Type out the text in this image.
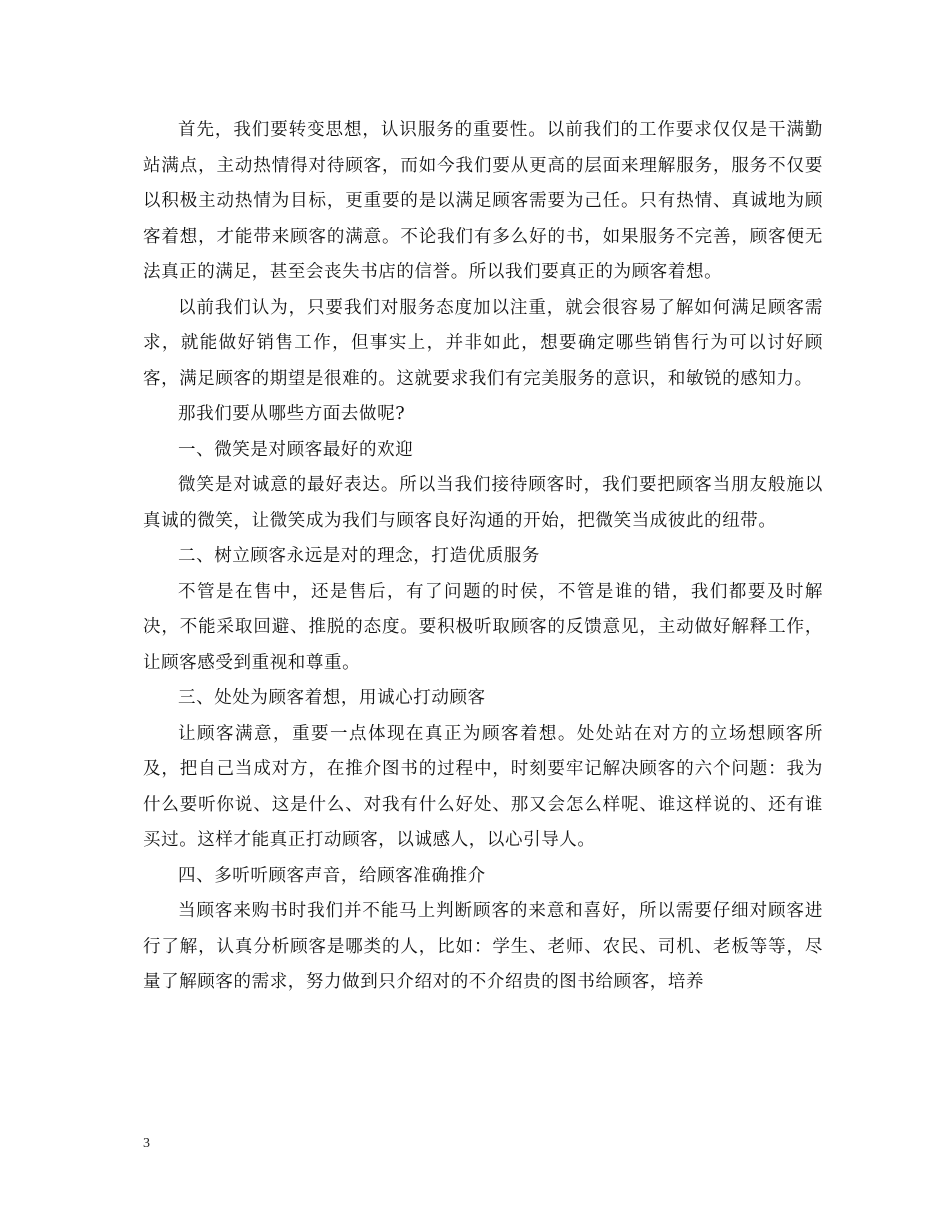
首先，我们要转变思想，认识服务的重要性。以前我们的工作要求仅仅是干满勤站满点，主动热情得对待顾客，而如今我们要从更高的层面来理解服务，服务不仅要以积极主动热情为目标，更重要的是以满足顾客需要为己任。只有热情、真诚地为顾客着想，才能带来顾客的满意。不论我们有多么好的书，如果服务不完善，顾客便无法真正的满足，甚至会丧失书店的信誉。所以我们要真正的为顾客着想。

以前我们认为，只要我们对服务态度加以注重，就会很容易了解如何满足顾客需求，就能做好销售工作，但事实上，并非如此，想要确定哪些销售行为可以讨好顾客，满足顾客的期望是很难的。这就要求我们有完美服务的意识，和敏锐的感知力。

那我们要从哪些方面去做呢?

一、微笑是对顾客最好的欢迎

微笑是对诚意的最好表达。所以当我们接待顾客时，我们要把顾客当朋友般施以真诚的微笑，让微笑成为我们与顾客良好沟通的开始，把微笑当成彼此的纽带。

二、树立顾客永远是对的理念，打造优质服务

不管是在售中，还是售后，有了问题的时侯，不管是谁的错，我们都要及时解决，不能采取回避、推脱的态度。要积极听取顾客的反馈意见，主动做好解释工作，让顾客感受到重视和尊重。

三、处处为顾客着想，用诚心打动顾客

让顾客满意，重要一点体现在真正为顾客着想。处处站在对方的立场想顾客所及，把自己当成对方，在推介图书的过程中，时刻要牢记解决顾客的六个问题：我为什么要听你说、这是什么、对我有什么好处、那又会怎么样呢、谁这样说的、还有谁买过。这样才能真正打动顾客，以诚感人，以心引导人。

四、多听听顾客声音，给顾客准确推介

当顾客来购书时我们并不能马上判断顾客的来意和喜好，所以需要仔细对顾客进行了解，认真分析顾客是哪类的人，比如：学生、老师、农民、司机、老板等等，尽量了解顾客的需求，努力做到只介绍对的不介绍贵的图书给顾客，培养

3
